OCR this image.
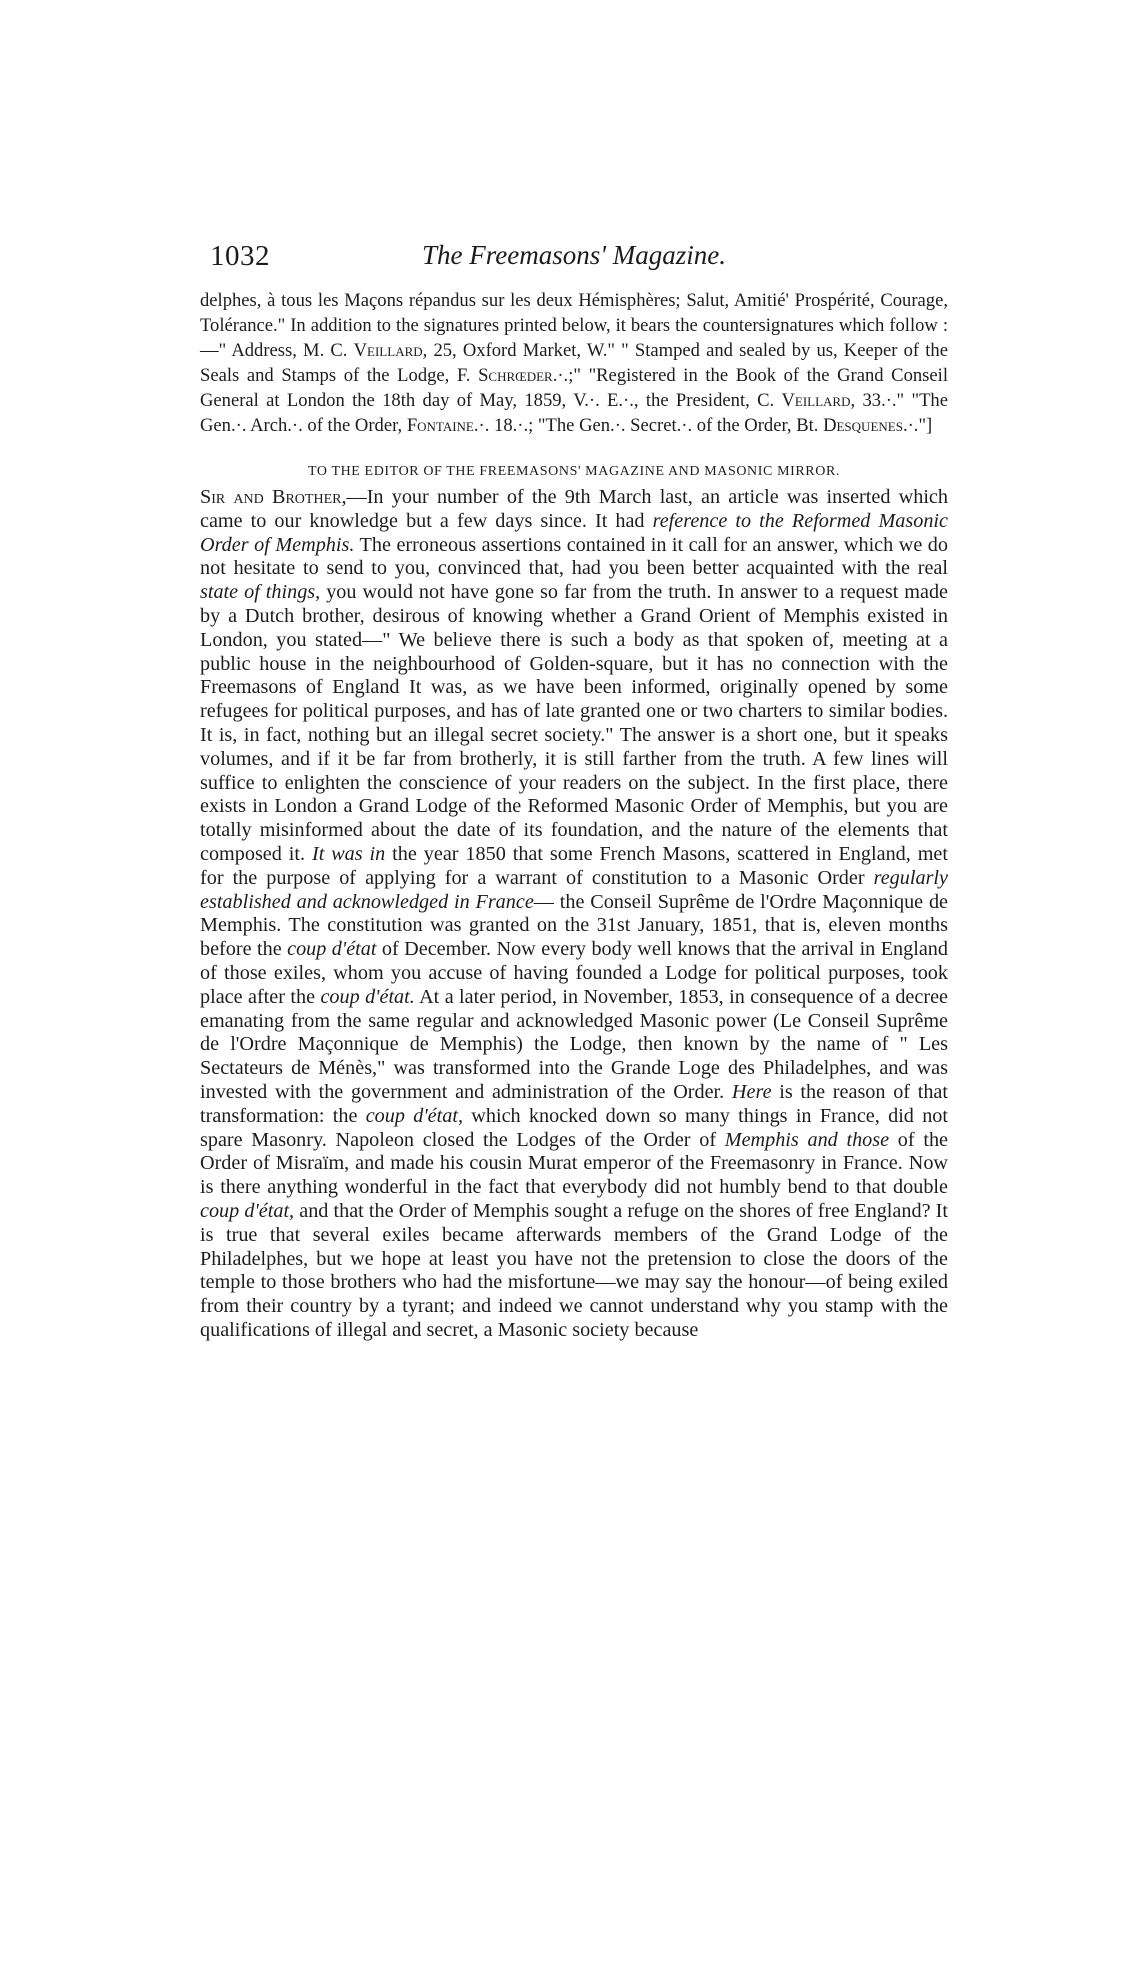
1032	The Freemasons' Magazine.

delphes, à tous les Maçons répandus sur les deux Hémisphères; Salut, Amitié' Prospérité, Courage, Tolérance." In addition to the signatures printed below, it bears the countersignatures which follow :—" Address, M. C. Veillard, 25, Oxford Market, W." " Stamped and sealed by us, Keeper of the Seals and Stamps of the Lodge, F. Schrœder.·.;" "Registered in the Book of the Grand Conseil General at London the 18th day of May, 1859, V.·. E.·., the President, C. Veillard, 33.·." "The Gen.·. Arch.·. of the Order, Fontaine.·. 18.·.; "The Gen.·. Secret.·. of the Order, Bt. Desquenes.·."]

TO THE EDITOR OF THE FREEMASONS' MAGAZINE AND MASONIC MIRROR.

Sir and Brother,—In your number of the 9th March last, an article was inserted which came to our knowledge but a few days since. It had reference to the Reformed Masonic Order of Memphis. The erroneous assertions contained in it call for an answer, which we do not hesitate to send to you, convinced that, had you been better acquainted with the real state of things, you would not have gone so far from the truth. In answer to a request made by a Dutch brother, desirous of knowing whether a Grand Orient of Memphis existed in London, you stated—" We believe there is such a body as that spoken of, meeting at a public house in the neighbourhood of Golden-square, but it has no connection with the Freemasons of England It was, as we have been informed, originally opened by some refugees for political purposes, and has of late granted one or two charters to similar bodies. It is, in fact, nothing but an illegal secret society." The answer is a short one, but it speaks volumes, and if it be far from brotherly, it is still farther from the truth. A few lines will suffice to enlighten the conscience of your readers on the subject. In the first place, there exists in London a Grand Lodge of the Reformed Masonic Order of Memphis, but you are totally misinformed about the date of its foundation, and the nature of the elements that composed it. It was in the year 1850 that some French Masons, scattered in England, met for the purpose of applying for a warrant of constitution to a Masonic Order regularly established and acknowledged in France— the Conseil Suprême de l'Ordre Maçonnique de Memphis. The constitution was granted on the 31st January, 1851, that is, eleven months before the coup d'état of December. Now every body well knows that the arrival in England of those exiles, whom you accuse of having founded a Lodge for political purposes, took place after the coup d'état. At a later period, in November, 1853, in consequence of a decree emanating from the same regular and acknowledged Masonic power (Le Conseil Suprême de l'Ordre Maçonnique de Memphis) the Lodge, then known by the name of " Les Sectateurs de Ménès," was transformed into the Grande Loge des Philadelphes, and was invested with the government and administration of the Order. Here is the reason of that transformation: the coup d'état, which knocked down so many things in France, did not spare Masonry. Napoleon closed the Lodges of the Order of Memphis and those of the Order of Misraïm, and made his cousin Murat emperor of the Freemasonry in France. Now is there anything wonderful in the fact that everybody did not humbly bend to that double coup d'état, and that the Order of Memphis sought a refuge on the shores of free England? It is true that several exiles became afterwards members of the Grand Lodge of the Philadelphes, but we hope at least you have not the pretension to close the doors of the temple to those brothers who had the misfortune—we may say the honour—of being exiled from their country by a tyrant; and indeed we cannot understand why you stamp with the qualifications of illegal and secret, a Masonic society because
